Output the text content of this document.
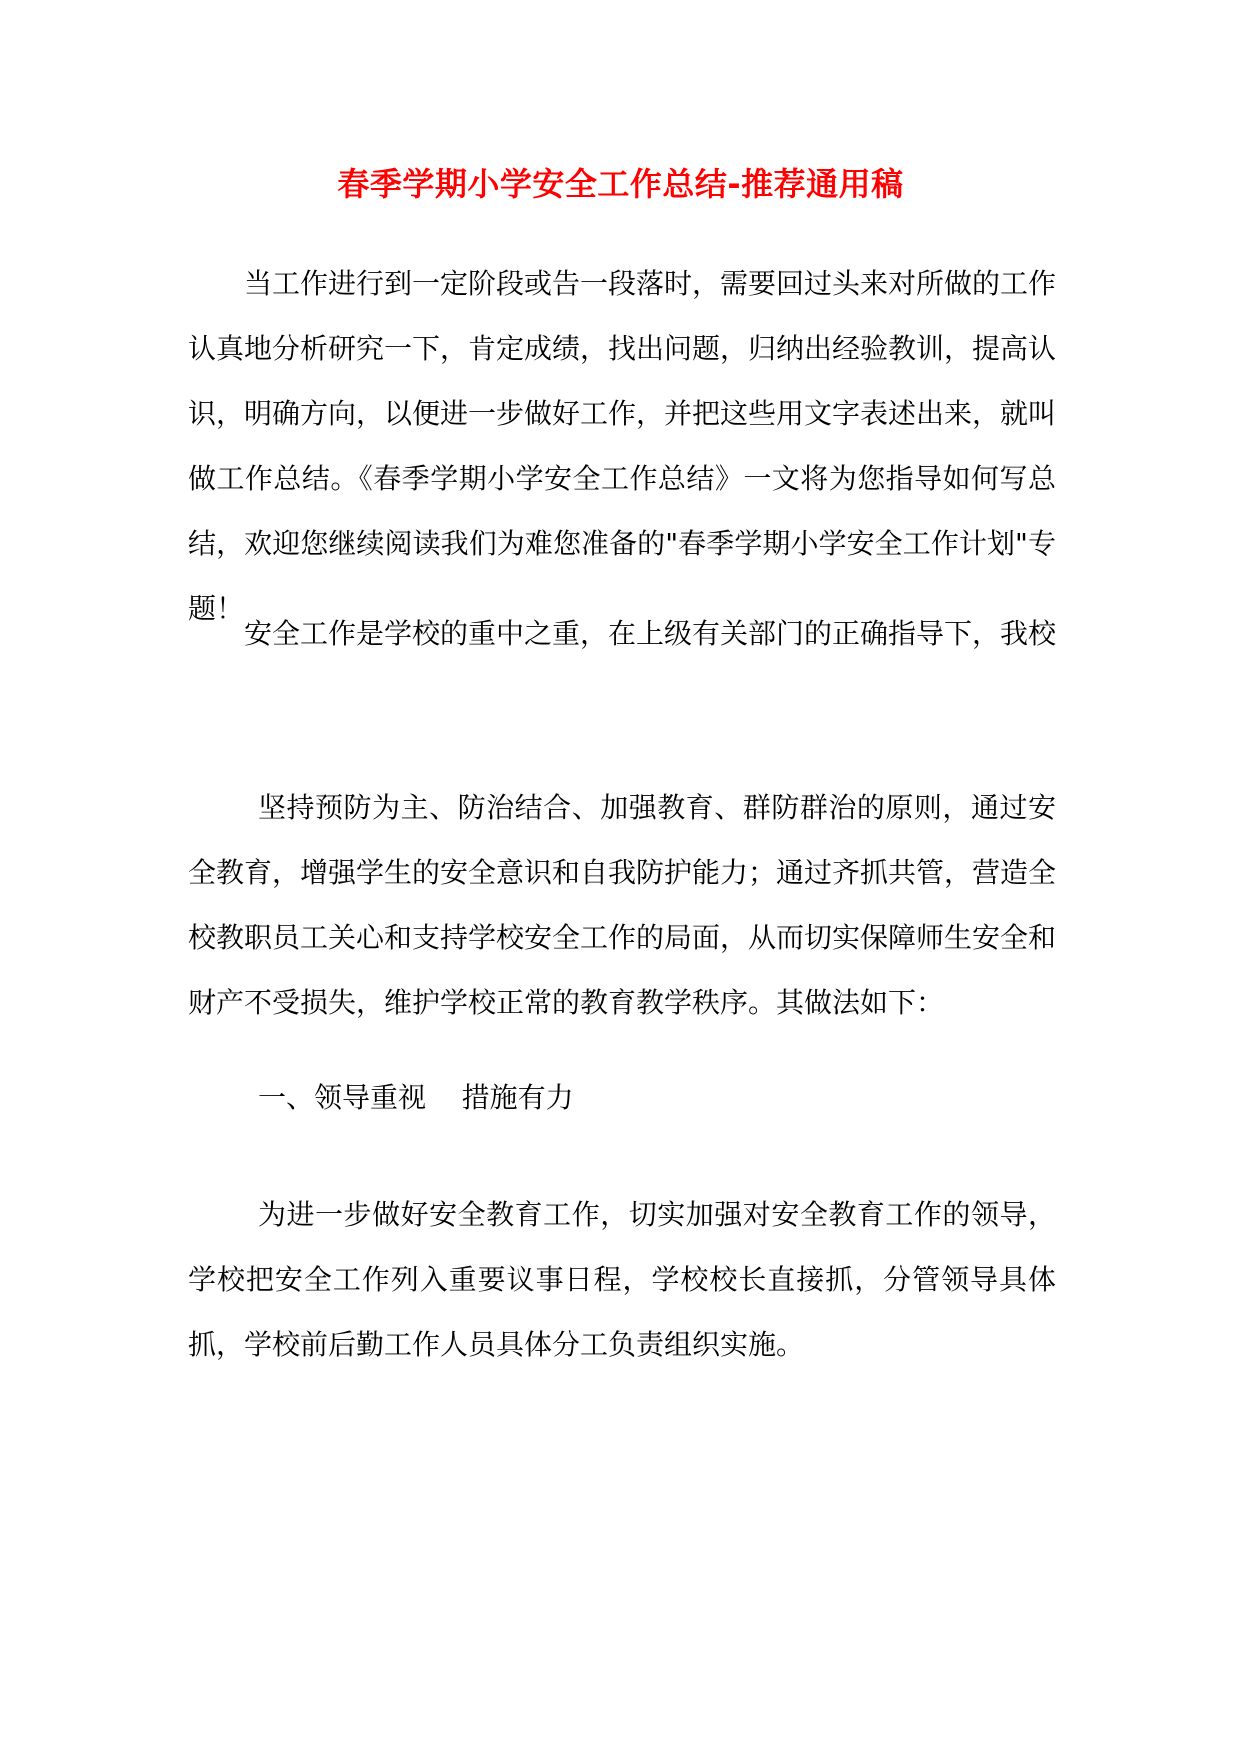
春季学期小学安全工作总结-推荐通用稿

当工作进行到一定阶段或告一段落时，需要回过头来对所做的工作认真地分析研究一下，肯定成绩，找出问题，归纳出经验教训，提高认识，明确方向，以便进一步做好工作，并把这些用文字表述出来，就叫做工作总结。《春季学期小学安全工作总结》一文将为您指导如何写总结，欢迎您继续阅读我们为难您准备的"春季学期小学安全工作计划"专题！

安全工作是学校的重中之重，在上级有关部门的正确指导下，我校

坚持预防为主、防治结合、加强教育、群防群治的原则，通过安全教育，增强学生的安全意识和自我防护能力；通过齐抓共管，营造全校教职员工关心和支持学校安全工作的局面，从而切实保障师生安全和财产不受损失，维护学校正常的教育教学秩序。其做法如下：

一、领导重视    措施有力

为进一步做好安全教育工作，切实加强对安全教育工作的领导，学校把安全工作列入重要议事日程，学校校长直接抓，分管领导具体抓，学校前后勤工作人员具体分工负责组织实施。
